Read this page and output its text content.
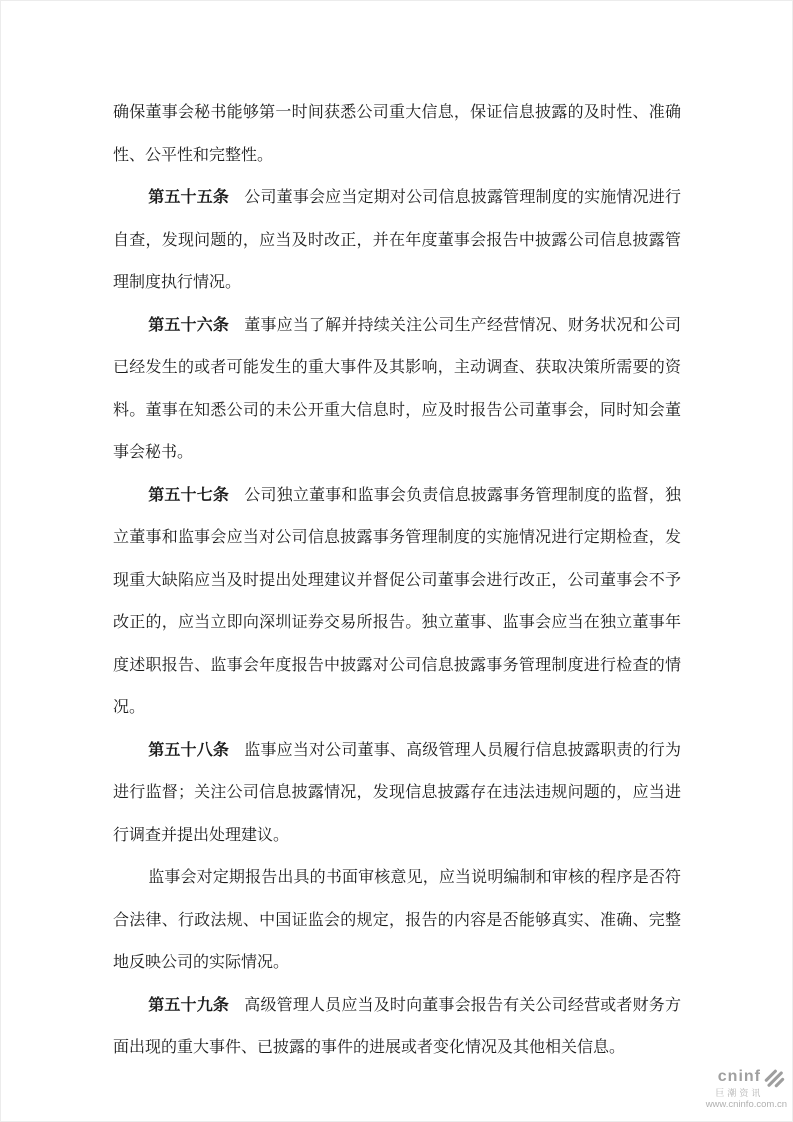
确保董事会秘书能够第一时间获悉公司重大信息，保证信息披露的及时性、准确性、公平性和完整性。

第五十五条 公司董事会应当定期对公司信息披露管理制度的实施情况进行自查，发现问题的，应当及时改正，并在年度董事会报告中披露公司信息披露管理制度执行情况。

第五十六条 董事应当了解并持续关注公司生产经营情况、财务状况和公司已经发生的或者可能发生的重大事件及其影响，主动调查、获取决策所需要的资料。董事在知悉公司的未公开重大信息时，应及时报告公司董事会，同时知会董事会秘书。

第五十七条 公司独立董事和监事会负责信息披露事务管理制度的监督，独立董事和监事会应当对公司信息披露事务管理制度的实施情况进行定期检查，发现重大缺陷应当及时提出处理建议并督促公司董事会进行改正，公司董事会不予改正的，应当立即向深圳证券交易所报告。独立董事、监事会应当在独立董事年度述职报告、监事会年度报告中披露对公司信息披露事务管理制度进行检查的情况。

第五十八条 监事应当对公司董事、高级管理人员履行信息披露职责的行为进行监督；关注公司信息披露情况，发现信息披露存在违法违规问题的，应当进行调查并提出处理建议。

监事会对定期报告出具的书面审核意见，应当说明编制和审核的程序是否符合法律、行政法规、中国证监会的规定，报告的内容是否能够真实、准确、完整地反映公司的实际情况。

第五十九条 高级管理人员应当及时向董事会报告有关公司经营或者财务方面出现的重大事件、已披露的事件的进展或者变化情况及其他相关信息。

cninf
巨潮资讯
www.cninfo.com.cn
